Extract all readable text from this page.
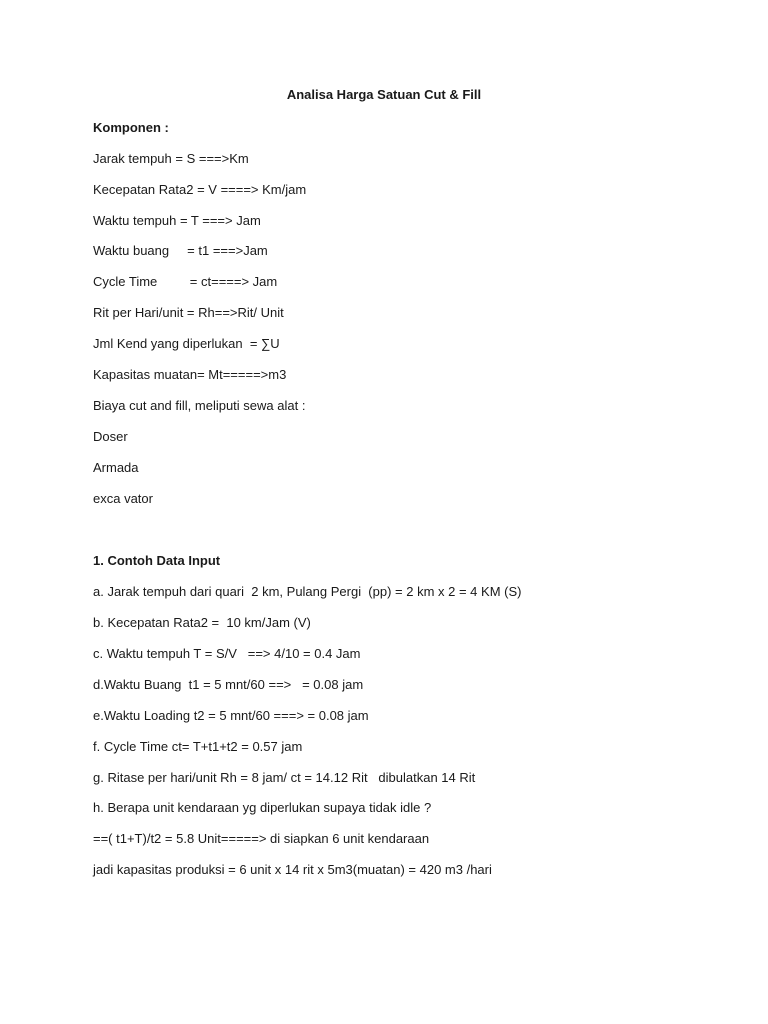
Analisa Harga Satuan Cut & Fill
Komponen :
Jarak tempuh = S ===>Km
Kecepatan Rata2 = V ====> Km/jam
Waktu tempuh = T ===> Jam
Waktu buang     = t1 ===>Jam
Cycle Time         = ct====> Jam
Rit per Hari/unit = Rh==>Rit/ Unit
Jml Kend yang diperlukan  = ∑U
Kapasitas muatan= Mt=====>m3
Biaya cut and fill, meliputi sewa alat :
Doser
Armada
exca vator
1. Contoh Data Input
a. Jarak tempuh dari quari  2 km, Pulang Pergi  (pp) = 2 km x 2 = 4 KM (S)
b. Kecepatan Rata2 =  10 km/Jam (V)
c. Waktu tempuh T = S/V   ==> 4/10 = 0.4 Jam
d.Waktu Buang  t1 = 5 mnt/60 ==>   = 0.08 jam
e.Waktu Loading t2 = 5 mnt/60 ===> = 0.08 jam
f. Cycle Time ct= T+t1+t2 = 0.57 jam
g. Ritase per hari/unit Rh = 8 jam/ ct = 14.12 Rit   dibulatkan 14 Rit
h. Berapa unit kendaraan yg diperlukan supaya tidak idle ?
==( t1+T)/t2 = 5.8 Unit=====> di siapkan 6 unit kendaraan
jadi kapasitas produksi = 6 unit x 14 rit x 5m3(muatan) = 420 m3 /hari
